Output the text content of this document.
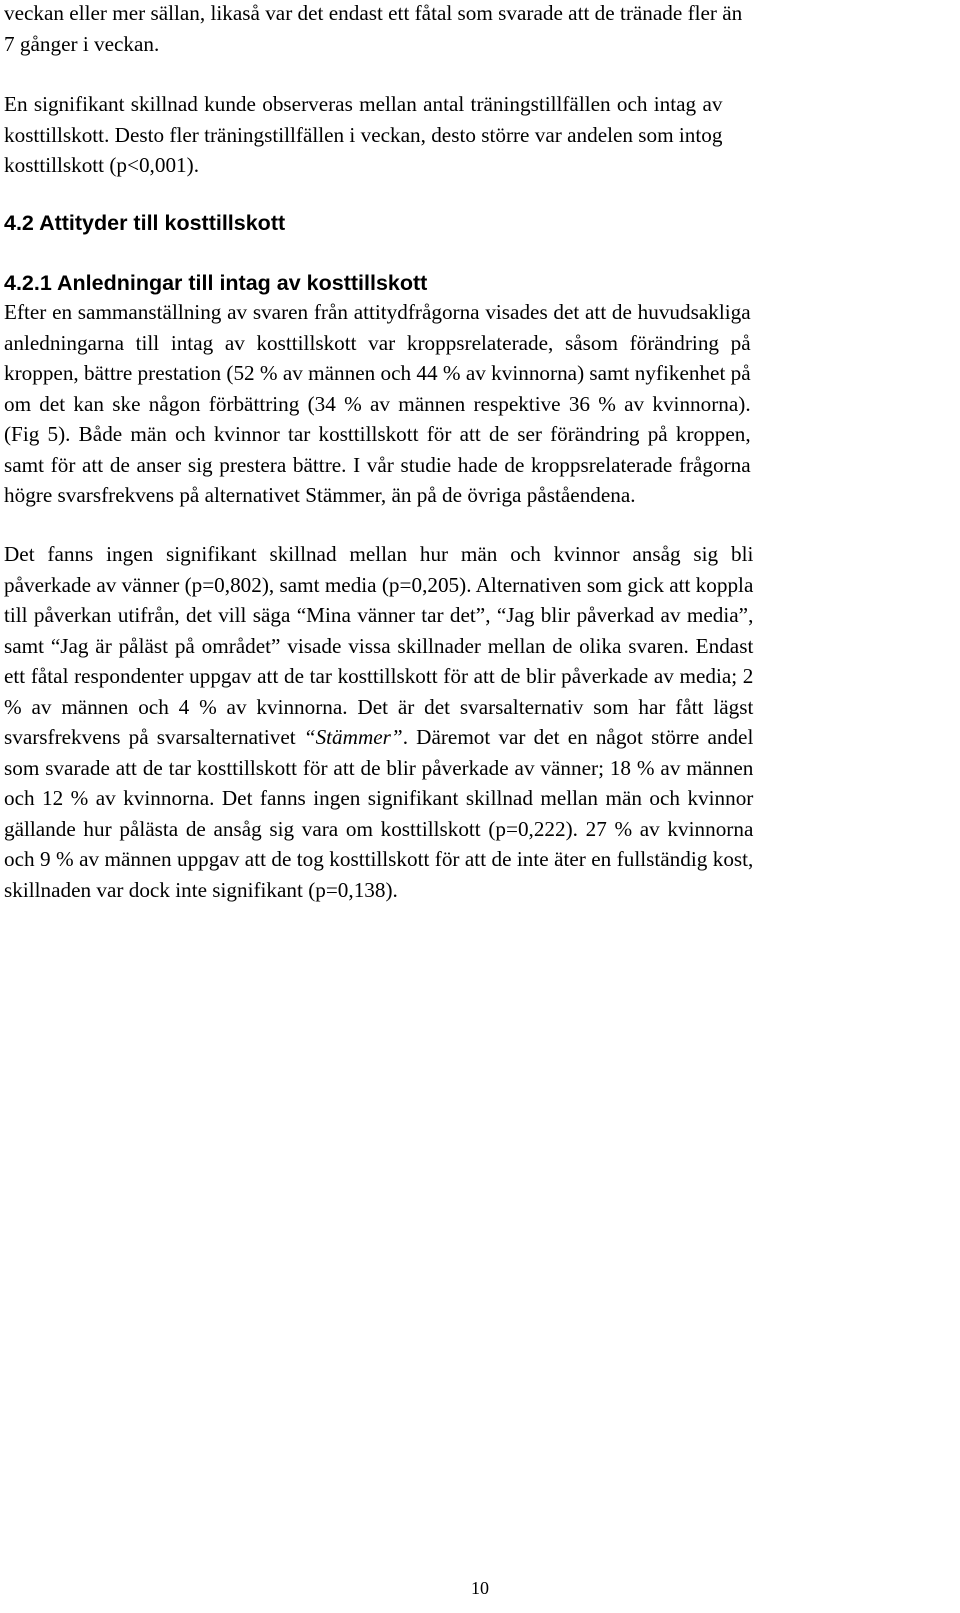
veckan eller mer sällan, likaså var det endast ett fåtal som svarade att de tränade fler än
7 gånger i veckan.

En signifikant skillnad kunde observeras mellan antal träningstillfällen och intag av
kosttillskott. Desto fler träningstillfällen i veckan, desto större var andelen som intog
kosttillskott (p<0,001).

4.2 Attityder till kosttillskott
4.2.1 Anledningar till intag av kosttillskott

Efter en sammanställning av svaren från attitydfrågorna visades det att de huvudsakliga
anledningarna till intag av kosttillskott var kroppsrelaterade, såsom förändring på
kroppen, bättre prestation (52 % av männen och 44 % av kvinnorna) samt nyfikenhet på
om det kan ske någon förbättring (34 % av männen respektive 36 % av kvinnorna).
(Fig 5). Både män och kvinnor tar kosttillskott för att de ser förändring på kroppen,
samt för att de anser sig prestera bättre. I vår studie hade de kroppsrelaterade frågorna
högre svarsfrekvens på alternativet Stämmer, än på de övriga påståendena.

Det fanns ingen signifikant skillnad mellan hur män och kvinnor ansåg sig bli
påverkade av vänner (p=0,802), samt media (p=0,205). Alternativen som gick att koppla
till påverkan utifrån, det vill säga “Mina vänner tar det”, “Jag blir påverkad av media”,
samt “Jag är påläst på området” visade vissa skillnader mellan de olika svaren. Endast
ett fåtal respondenter uppgav att de tar kosttillskott för att de blir påverkade av media; 2
% av männen och 4 % av kvinnorna. Det är det svarsalternativ som har fått lägst
svarsfrekvens på svarsalternativet “Stämmer”. Däremot var det en något större andel
som svarade att de tar kosttillskott för att de blir påverkade av vänner; 18 % av männen
och 12 % av kvinnorna. Det fanns ingen signifikant skillnad mellan män och kvinnor
gällande hur pålästa de ansåg sig vara om kosttillskott (p=0,222). 27 % av kvinnorna
och 9 % av männen uppgav att de tog kosttillskott för att de inte äter en fullständig kost,
skillnaden var dock inte signifikant (p=0,138).

10
